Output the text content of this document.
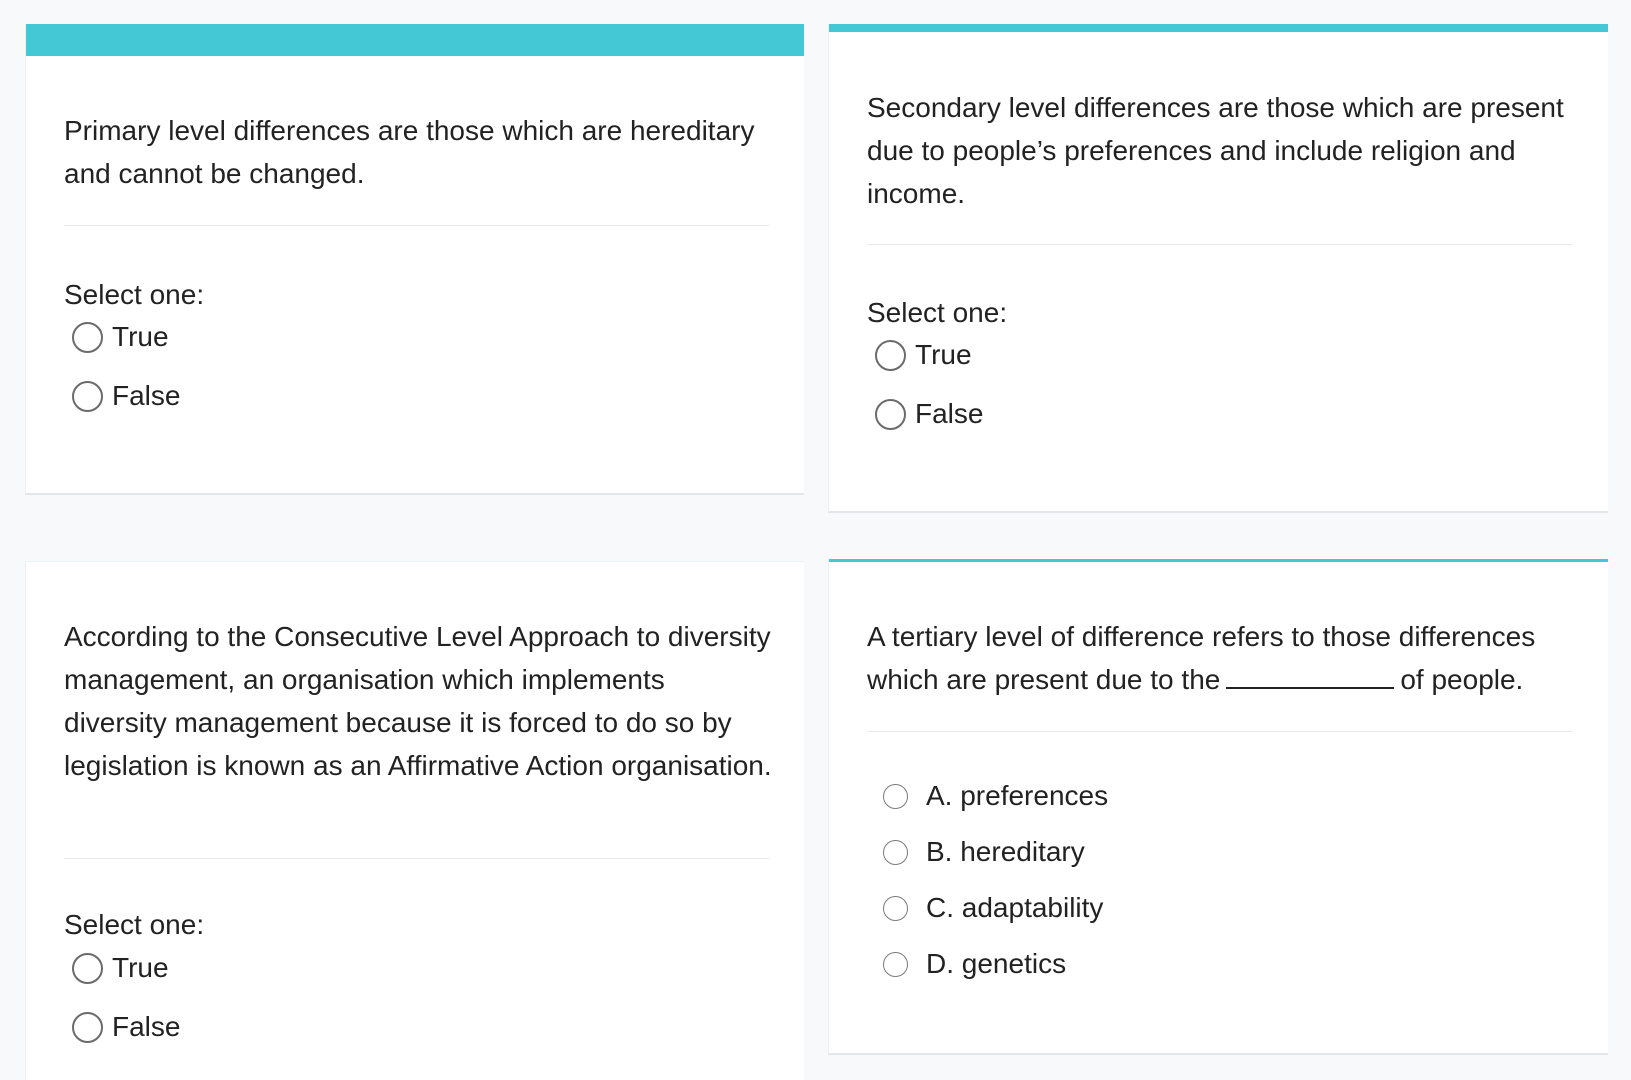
Primary level differences are those which are hereditary and cannot be changed.
Select one:
True
False
Secondary level differences are those which are present due to people’s preferences and include religion and income.
Select one:
True
False
According to the Consecutive Level Approach to diversity management, an organisation which implements diversity management because it is forced to do so by legislation is known as an Affirmative Action organisation.
Select one:
True
False
A tertiary level of difference refers to those differences which are present due to the	of people.
A. preferences
B. hereditary
C. adaptability
D. genetics
